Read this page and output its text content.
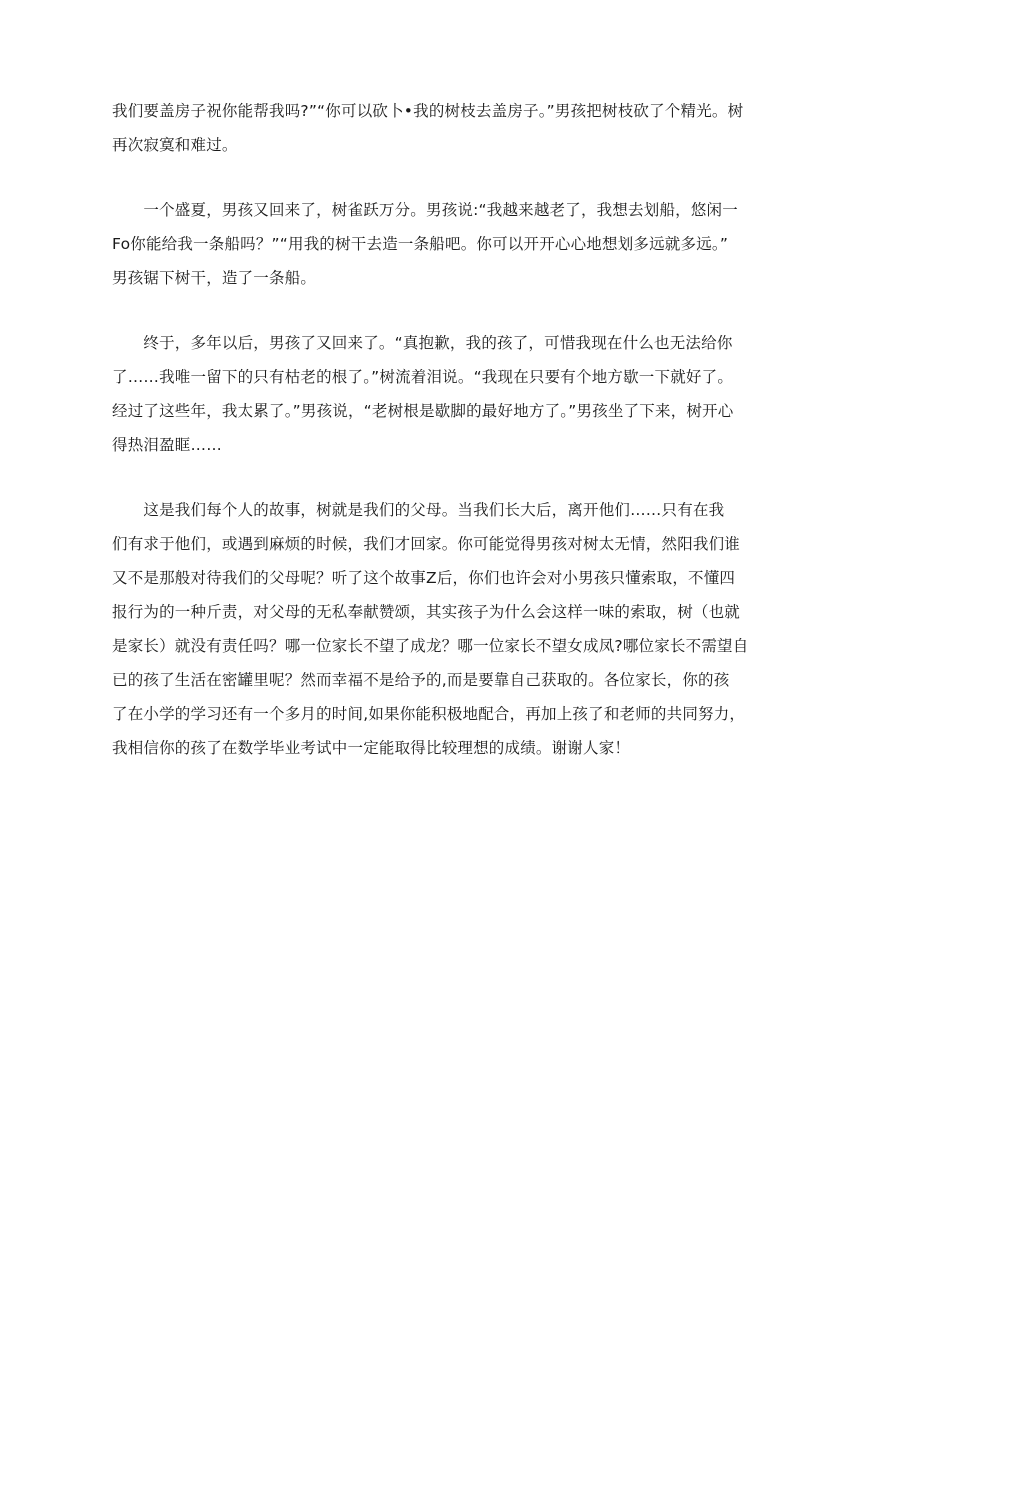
我们要盖房子祝你能帮我吗?”“你可以砍卜•我的树枝去盖房子。”男孩把树枝砍了个精光。树
再次寂寞和难过。
　　一个盛夏，男孩又回来了，树雀跃万分。男孩说:“我越来越老了，我想去划船，悠闲一
Fo你能给我一条船吗？”“用我的树干去造一条船吧。你可以开开心心地想划多远就多远。”
男孩锯下树干，造了一条船。
　　终于，多年以后，男孩了又回来了。“真抱歉，我的孩了，可惜我现在什么也无法给你
了……我唯一留下的只有枯老的根了。”树流着泪说。“我现在只要有个地方歇一下就好了。
经过了这些年，我太累了。”男孩说，“老树根是歇脚的最好地方了。”男孩坐了下来，树开心
得热泪盈眶……
　　这是我们每个人的故事，树就是我们的父母。当我们长大后，离开他们……只有在我
们有求于他们，或遇到麻烦的时候，我们才回家。你可能觉得男孩对树太无情，然阳我们谁
又不是那般对待我们的父母呢？听了这个故事Z后，你们也许会对小男孩只懂索取，不懂四
报行为的一种斤责，对父母的无私奉献赞颂，其实孩子为什么会这样一味的索取，树（也就
是家长）就没有责任吗？哪一位家长不望了成龙？哪一位家长不望女成凤?哪位家长不需望自
已的孩了生活在密罐里呢？然而幸福不是给予的,而是要靠自己获取的。各位家长，你的孩
了在小学的学习还有一个多月的时间,如果你能积极地配合，再加上孩了和老师的共同努力，
我相信你的孩了在数学毕业考试中一定能取得比较理想的成绩。谢谢人家！
